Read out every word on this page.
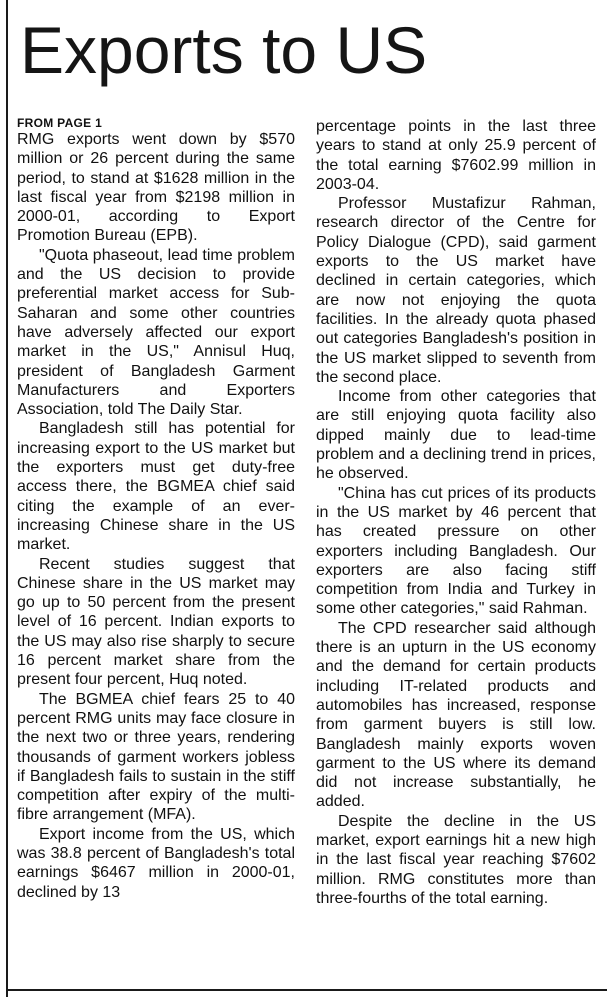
Exports to US
FROM PAGE 1

RMG exports went down by $570 million or 26 percent during the same period, to stand at $1628 million in the last fiscal year from $2198 million in 2000-01, according to Export Promotion Bureau (EPB).

"Quota phaseout, lead time problem and the US decision to provide preferential market access for Sub-Saharan and some other countries have adversely affected our export market in the US," Annisul Huq, president of Bangladesh Garment Manufacturers and Exporters Association, told The Daily Star.

Bangladesh still has potential for increasing export to the US market but the exporters must get duty-free access there, the BGMEA chief said citing the example of an ever-increasing Chinese share in the US market.

Recent studies suggest that Chinese share in the US market may go up to 50 percent from the present level of 16 percent. Indian exports to the US may also rise sharply to secure 16 percent market share from the present four percent, Huq noted.

The BGMEA chief fears 25 to 40 percent RMG units may face closure in the next two or three years, rendering thousands of garment workers jobless if Bangladesh fails to sustain in the stiff competition after expiry of the multi-fibre arrangement (MFA).

Export income from the US, which was 38.8 percent of Bangladesh's total earnings $6467 million in 2000-01, declined by 13

percentage points in the last three years to stand at only 25.9 percent of the total earning $7602.99 million in 2003-04.

Professor Mustafizur Rahman, research director of the Centre for Policy Dialogue (CPD), said garment exports to the US market have declined in certain categories, which are now not enjoying the quota facilities. In the already quota phased out categories Bangladesh's position in the US market slipped to seventh from the second place.

Income from other categories that are still enjoying quota facility also dipped mainly due to lead-time problem and a declining trend in prices, he observed.

"China has cut prices of its products in the US market by 46 percent that has created pressure on other exporters including Bangladesh. Our exporters are also facing stiff competition from India and Turkey in some other categories," said Rahman.

The CPD researcher said although there is an upturn in the US economy and the demand for certain products including IT-related products and automobiles has increased, response from garment buyers is still low. Bangladesh mainly exports woven garment to the US where its demand did not increase substantially, he added.

Despite the decline in the US market, export earnings hit a new high in the last fiscal year reaching $7602 million. RMG constitutes more than three-fourths of the total earning.
